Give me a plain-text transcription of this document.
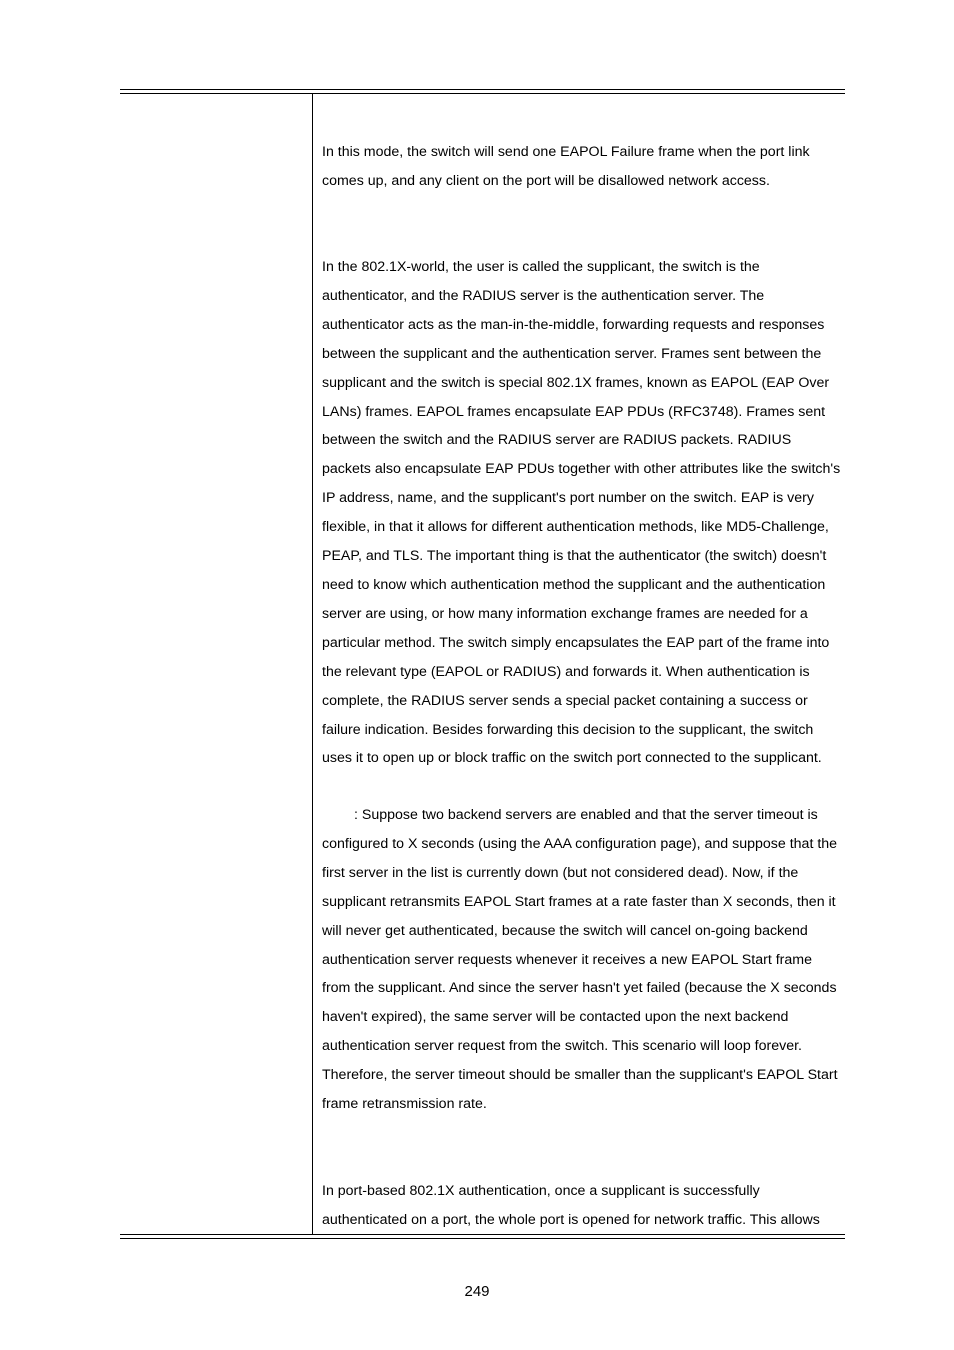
In this mode, the switch will send one EAPOL Failure frame when the port link comes up, and any client on the port will be disallowed network access.

In the 802.1X-world, the user is called the supplicant, the switch is the authenticator, and the RADIUS server is the authentication server. The authenticator acts as the man-in-the-middle, forwarding requests and responses between the supplicant and the authentication server. Frames sent between the supplicant and the switch is special 802.1X frames, known as EAPOL (EAP Over LANs) frames. EAPOL frames encapsulate EAP PDUs (RFC3748). Frames sent between the switch and the RADIUS server are RADIUS packets. RADIUS packets also encapsulate EAP PDUs together with other attributes like the switch's IP address, name, and the supplicant's port number on the switch. EAP is very flexible, in that it allows for different authentication methods, like MD5-Challenge, PEAP, and TLS. The important thing is that the authenticator (the switch) doesn't need to know which authentication method the supplicant and the authentication server are using, or how many information exchange frames are needed for a particular method. The switch simply encapsulates the EAP part of the frame into the relevant type (EAPOL or RADIUS) and forwards it. When authentication is complete, the RADIUS server sends a special packet containing a success or failure indication. Besides forwarding this decision to the supplicant, the switch uses it to open up or block traffic on the switch port connected to the supplicant.

: Suppose two backend servers are enabled and that the server timeout is configured to X seconds (using the AAA configuration page), and suppose that the first server in the list is currently down (but not considered dead). Now, if the supplicant retransmits EAPOL Start frames at a rate faster than X seconds, then it will never get authenticated, because the switch will cancel on-going backend authentication server requests whenever it receives a new EAPOL Start frame from the supplicant. And since the server hasn't yet failed (because the X seconds haven't expired), the same server will be contacted upon the next backend authentication server request from the switch. This scenario will loop forever. Therefore, the server timeout should be smaller than the supplicant's EAPOL Start frame retransmission rate.

In port-based 802.1X authentication, once a supplicant is successfully authenticated on a port, the whole port is opened for network traffic. This allows

249
